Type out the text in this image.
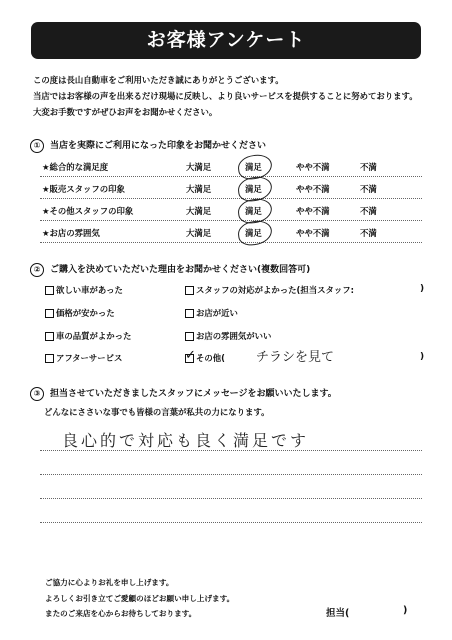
お客様アンケート
この度は長山自動車をご利用いただき誠にありがとうございます。
当店ではお客様の声を出来るだけ現場に反映し、より良いサービスを提供することに努めております。
大変お手数ですがぜひお声をお聞かせください。
① 当店を実際にご利用になった印象をお聞かせください
★総合的な満足度	大満足	満足	やや不満	不満
★販売スタッフの印象	大満足	満足	やや不満	不満
★その他スタッフの印象	大満足	満足	やや不満	不満
★お店の雰囲気	大満足	満足	やや不満	不満
② ご購入を決めていただいた理由をお聞かせください(複数回答可)
欲しい車があった
価格が安かった
車の品質がよかった
アフターサービス
スタッフの対応がよかった(担当スタッフ:	)
お店が近い
お店の雰囲気がいい
✓ その他( チラシを見て	)
③ 担当させていただきましたスタッフにメッセージをお願いいたします。
どんなにささいな事でも皆様の言葉が私共の力になります。
良心的で対応も良く満足です
ご協力に心よりお礼を申し上げます。
よろしくお引き立てご愛顧のほどお願い申し上げます。
またのご来店を心からお待ちしております。	担当(	)
